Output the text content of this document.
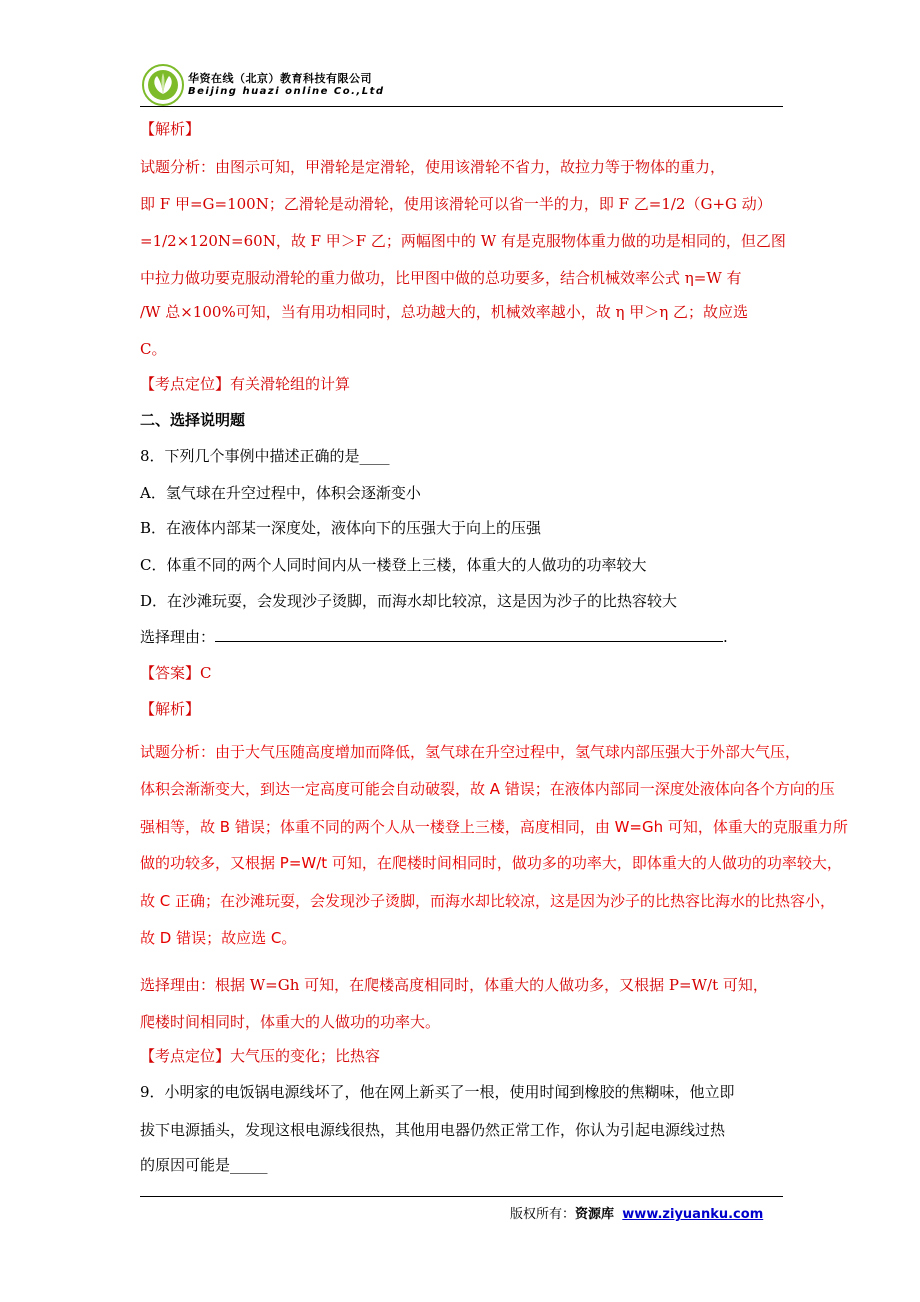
华资在线（北京）教育科技有限公司
Beijing huazi online Co.,Ltd
【解析】
试题分析：由图示可知，甲滑轮是定滑轮，使用该滑轮不省力，故拉力等于物体的重力，
即 F 甲=G=100N；乙滑轮是动滑轮，使用该滑轮可以省一半的力，即 F 乙=1/2（G+G 动）
=1/2×120N=60N，故 F 甲＞F 乙；两幅图中的 W 有是克服物体重力做的功是相同的，但乙图
中拉力做功要克服动滑轮的重力做功，比甲图中做的总功要多，结合机械效率公式 η=W 有
/W 总×100%可知，当有用功相同时，总功越大的，机械效率越小，故 η 甲＞η 乙；故应选
C。
【考点定位】有关滑轮组的计算
二、选择说明题
8．下列几个事例中描述正确的是____
A．氢气球在升空过程中，体积会逐渐变小
B．在液体内部某一深度处，液体向下的压强大于向上的压强
C．体重不同的两个人同时间内从一楼登上三楼，体重大的人做功的功率较大
D．在沙滩玩耍，会发现沙子烫脚，而海水却比较凉，这是因为沙子的比热容较大
选择理由：	.
【答案】C
【解析】
试题分析：由于大气压随高度增加而降低，氢气球在升空过程中，氢气球内部压强大于外部大气压，
体积会渐渐变大，到达一定高度可能会自动破裂，故 A 错误；在液体内部同一深度处液体向各个方向的压
强相等，故 B 错误；体重不同的两个人从一楼登上三楼，高度相同，由 W=Gh 可知，体重大的克服重力所
做的功较多，又根据 P=W/t 可知，在爬楼时间相同时，做功多的功率大，即体重大的人做功的功率较大，
故 C 正确；在沙滩玩耍，会发现沙子烫脚，而海水却比较凉，这是因为沙子的比热容比海水的比热容小，
故 D 错误；故应选 C。
选择理由：根据 W=Gh 可知，在爬楼高度相同时，体重大的人做功多，又根据 P=W/t 可知，
爬楼时间相同时，体重大的人做功的功率大。
【考点定位】大气压的变化；比热容
9．小明家的电饭锅电源线坏了，他在网上新买了一根，使用时闻到橡胶的焦糊味，他立即
拔下电源插头，发现这根电源线很热，其他用电器仍然正常工作，你认为引起电源线过热
的原因可能是_____
版权所有：资源库 www.ziyuanku.com
